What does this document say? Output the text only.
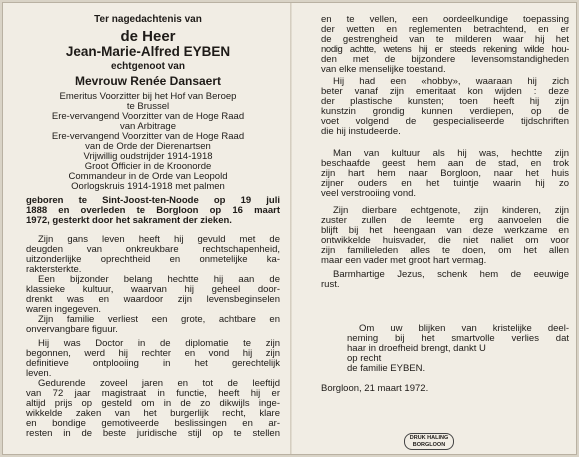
Ter nagedachtenis van
de Heer
Jean-Marie-Alfred EYBEN
echtgenoot van
Mevrouw Renée Dansaert
Emeritus Voorzitter bij het Hof van Beroep
te Brussel
Ere-vervangend Voorzitter van de Hoge Raad
van Arbitrage
Ere-vervangend Voorzitter van de Hoge Raad
van de Orde der Dierenartsen
Vrijwillig oudstrijder 1914-1918
Groot Officier in de Kroonorde
Commandeur in de Orde van Leopold
Oorlogskruis 1914-1918 met palmen
geboren te Sint-Joost-ten-Noode op 19 juli
1888 en overleden te Borgloon op 16 maart
1972, gesterkt door het sakrament der zieken.
Zijn gans leven heeft hij gevuld met de
deugden van onkreukbare rechtschapenheid,
uitzonderlijke oprechtheid en onmetelijke ka-
raktersterkte.
Een bijzonder belang hechtte hij aan de
klassieke kultuur, waarvan hij geheel door-
drenkt was en waardoor zijn levensbeginselen
waren ingegeven.
Zijn familie verliest een grote, achtbare en
onvervangbare figuur.
Hij was Doctor in de diplomatie te zijn
begonnen, werd hij rechter en vond hij zijn
definitieve ontplooiing in het gerechtelijk
leven.
Gedurende zoveel jaren en tot de leeftijd
van 72 jaar magistraat in functie, heeft hij er
altijd prijs op gesteld om in de zo dikwijls inge-
wikkelde zaken van het burgerlijk recht, klare
en bondige gemotiveerde beslissingen en ar-
resten in de beste juridische stijl op te stellen
en te vellen, een oordeelkundige toepassing
der wetten en reglementen betrachtend, en er
de gestrengheid van te milderen waar hij het
nodig achtte, wetens hij er steeds rekening wilde hou-
den met de bijzondere levensomstandigheden
van elke menselijke toestand.
Hij had een «hobby», waaraan hij zich
beter vanaf zijn emeritaat kon wijden : deze
der plastische kunsten; toen heeft hij zijn
kunstzin grondig kunnen verdiepen, op de
voet volgend de gespecialiseerde tijdschriften
die hij instudeerde.
Man van kultuur als hij was, hechtte zijn
beschaafde geest hem aan de stad, en trok
zijn hart hem naar Borgloon, naar het huis
zijner ouders en het tuintje waarin hij zo
veel verstrooiing vond.
Zijn dierbare echtgenote, zijn kinderen, zijn
zuster zullen de leemte erg aanvoelen die
blijft bij het heengaan van deze werkzame en
ontwikkelde huisvader, die niet naliet om voor
zijn familieleden alles te doen, om het allen
maar een vader met groot hart vermag.
Barmhartige Jezus, schenk hem de eeuwige
rust.
Om uw blijken van kristelijke deel-
neming bij het smartvolle verlies dat
haar in droefheid brengt, dankt U
op recht
de familie EYBEN.
Borgloon, 21 maart 1972.
DRUK HALING
BORGLOON
